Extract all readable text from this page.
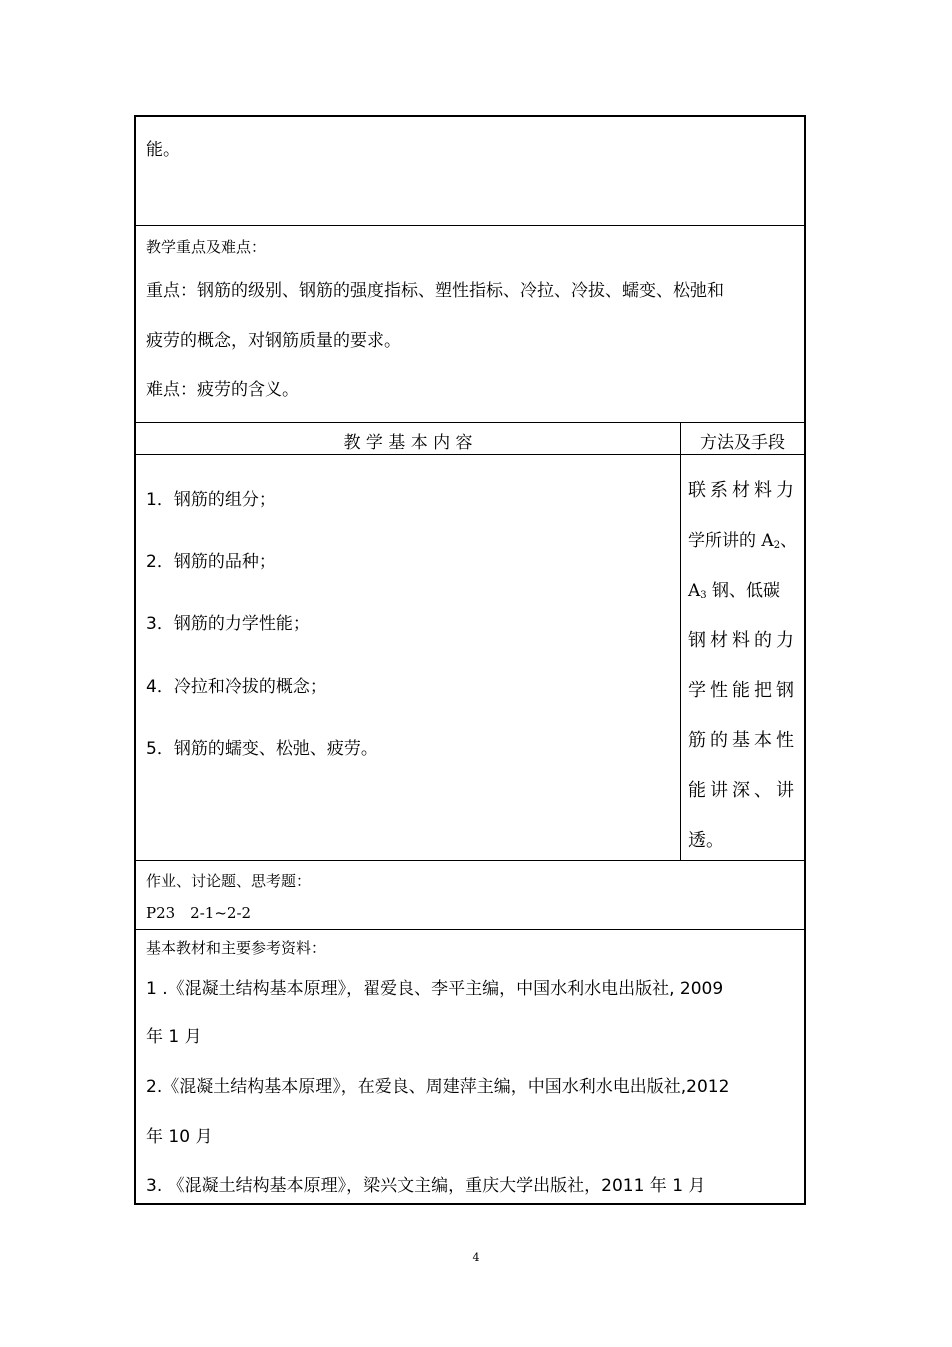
能。
教学重点及难点：
重点：钢筋的级别、钢筋的强度指标、塑性指标、冷拉、冷拔、蠕变、松弛和
疲劳的概念，对钢筋质量的要求。
难点：疲劳的含义。
教 学 基 本 内 容	方法及手段
1．钢筋的组分；
2．钢筋的品种；
3．钢筋的力学性能；
4．冷拉和冷拔的概念；
5．钢筋的蠕变、松弛、疲劳。
联系材料力
学所讲的 $A_2$、
$A_3$ 钢、低碳
钢材料的力
学性能把钢
筋的基本性
能讲深、讲
透。
作业、讨论题、思考题：
P23　2-1~2-2
基本教材和主要参考资料：
1 .《混凝土结构基本原理》，翟爱良、李平主编，中国水利水电出版社, 2009
年 1 月
2.《混凝土结构基本原理》，在爱良、周建萍主编，中国水利水电出版社,2012
年 10 月
3. 《混凝土结构基本原理》，梁兴文主编，重庆大学出版社，2011 年 1 月
4
